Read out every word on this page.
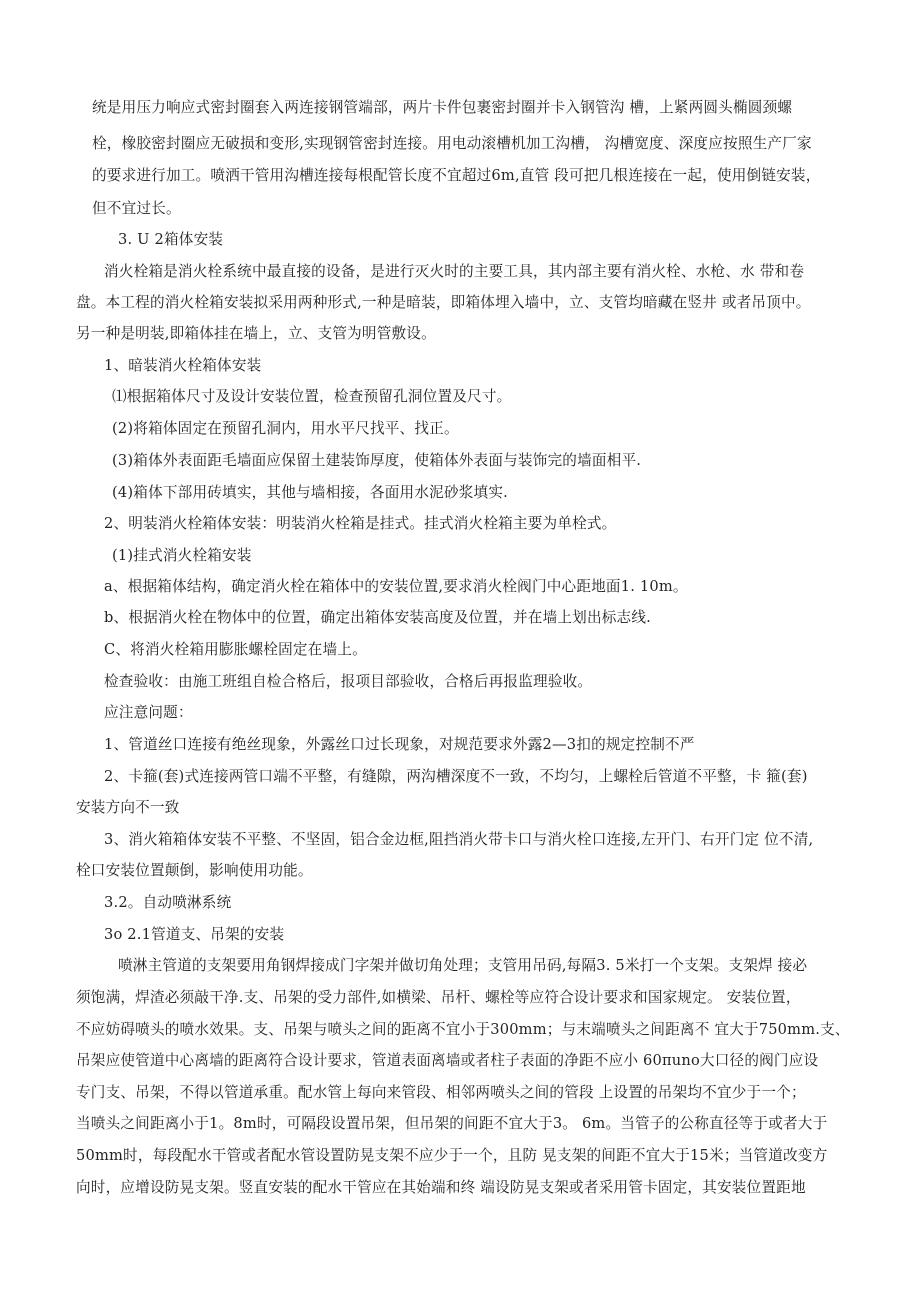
统是用压力响应式密封圈套入两连接钢管端部，两片卡件包裹密封圈并卡入钢管沟 槽，上紧两圆头椭圆颈螺
栓，橡胶密封圈应无破损和变形,实现钢管密封连接。用电动滚槽机加工沟槽， 沟槽宽度、深度应按照生产厂家
的要求进行加工。喷洒干管用沟槽连接每根配管长度不宜超过6m,直管 段可把几根连接在一起，使用倒链安装，
但不宜过长。
3. U 2箱体安装
消火栓箱是消火栓系统中最直接的设备，是进行灭火时的主要工具，其内部主要有消火栓、水枪、水 带和卷
盘。本工程的消火栓箱安装拟采用两种形式,一种是暗装，即箱体埋入墙中，立、支管均暗藏在竖井 或者吊顶中。
另一种是明装,即箱体挂在墙上，立、支管为明管敷设。
1、暗装消火栓箱体安装
⑴根据箱体尺寸及设计安装位置，检查预留孔洞位置及尺寸。
(2)将箱体固定在预留孔洞内，用水平尺找平、找正。
(3)箱体外表面距毛墙面应保留土建装饰厚度，使箱体外表面与装饰完的墙面相平.
(4)箱体下部用砖填实，其他与墙相接，各面用水泥砂浆填实.
2、明装消火栓箱体安装：明装消火栓箱是挂式。挂式消火栓箱主要为单栓式。
(1)挂式消火栓箱安装
a、根据箱体结构，确定消火栓在箱体中的安装位置,要求消火栓阀门中心距地面1. 10m。
b、根据消火栓在物体中的位置，确定出箱体安装高度及位置，并在墙上划出标志线.
C、将消火栓箱用膨胀螺栓固定在墙上。
检查验收：由施工班组自检合格后，报项目部验收，合格后再报监理验收。
应注意问题：
1、管道丝口连接有绝丝现象，外露丝口过长现象，对规范要求外露2—3扣的规定控制不严
2、卡箍(套)式连接两管口端不平整，有缝隙，两沟槽深度不一致，不均匀，上螺栓后管道不平整，卡 箍(套)
安装方向不一致
3、消火箱箱体安装不平整、不坚固，铝合金边框,阻挡消火带卡口与消火栓口连接,左开门、右开门定 位不清,
栓口安装位置颠倒，影响使用功能。
3.2。自动喷淋系统
3o 2.1管道支、吊架的安装
喷淋主管道的支架要用角钢焊接成门字架并做切角处理；支管用吊码,每隔3. 5米打一个支架。支架焊 接必
须饱满，焊渣必须敲干净.支、吊架的受力部件,如横梁、吊杆、螺栓等应符合设计要求和国家规定。 安装位置，
不应妨碍喷头的喷水效果。支、吊架与喷头之间的距离不宜小于300mm；与末端喷头之间距离不 宜大于750mm.支、
吊架应使管道中心离墙的距离符合设计要求，管道表面离墙或者柱子表面的净距不应小 60πuno大口径的阀门应设
专门支、吊架，不得以管道承重。配水管上每向来管段、相邻两喷头之间的管段 上设置的吊架均不宜少于一个；
当喷头之间距离小于1。8m时，可隔段设置吊架，但吊架的间距不宜大于3。 6m。当管子的公称直径等于或者大于
50mm时，每段配水干管或者配水管设置防晃支架不应少于一个，且防 晃支架的间距不宜大于15米；当管道改变方
向时，应增设防晃支架。竖直安装的配水干管应在其始端和终 端设防晃支架或者采用管卡固定，其安装位置距地
